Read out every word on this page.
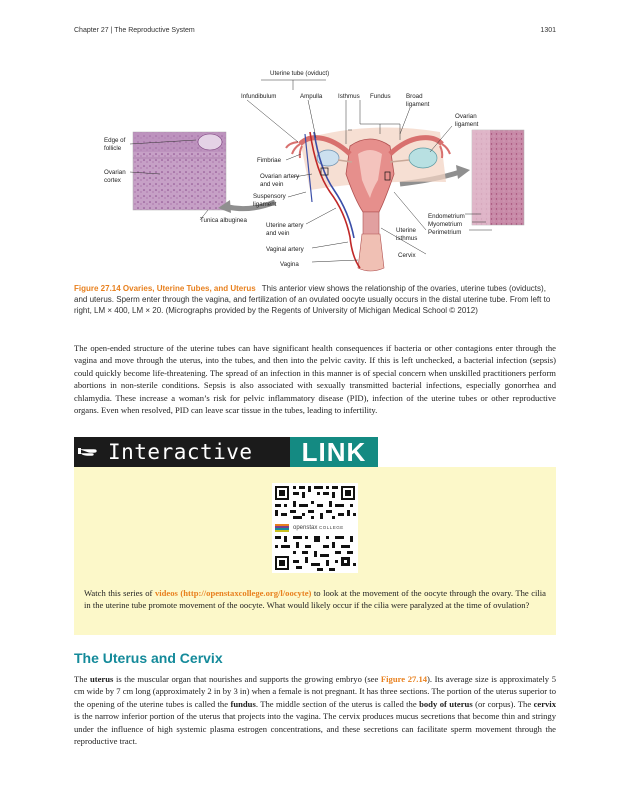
Chapter 27 | The Reproductive System	1301
Uterine tube (oviduct)
Infundibulum	Ampulla	Isthmus Fundus Broad
ligament
Ovarian
ligament
Edge of
follicle
Ovarian
cortex
Fimbriae
Ovarian artery
and vein
Suspensory
ligament
Tunica albuginea
Uterine artery
and vein
Vaginal artery
Vagina
Endometrium
Myometrium
Perimetrium
Uterine
isthmus
Cervix
Figure 27.14 Ovaries, Uterine Tubes, and Uterus This anterior view shows the relationship of the ovaries, uterine tubes (oviducts), and uterus. Sperm enter through the vagina, and fertilization of an ovulated oocyte usually occurs in the distal uterine tube. From left to right, LM × 400, LM × 20. (Micrographs provided by the Regents of University of Michigan Medical School © 2012)

The open-ended structure of the uterine tubes can have significant health consequences if bacteria or other contagions enter through the vagina and move through the uterus, into the tubes, and then into the pelvic cavity. If this is left unchecked, a bacterial infection (sepsis) could quickly become life-threatening. The spread of an infection in this manner is of special concern when unskilled practitioners perform abortions in non-sterile conditions. Sepsis is also associated with sexually transmitted bacterial infections, especially gonorrhea and chlamydia. These increase a woman’s risk for pelvic inflammatory disease (PID), infection of the uterine tubes or other reproductive organs. Even when resolved, PID can leave scar tissue in the tubes, leading to infertility.

Interactive	LINK
openstax COLLEGE

Watch this series of videos (http://openstaxcollege.org/l/oocyte) to look at the movement of the oocyte through the ovary. The cilia in the uterine tube promote movement of the oocyte. What would likely occur if the cilia were paralyzed at the time of ovulation?

The Uterus and Cervix

The uterus is the muscular organ that nourishes and supports the growing embryo (see Figure 27.14). Its average size is approximately 5 cm wide by 7 cm long (approximately 2 in by 3 in) when a female is not pregnant. It has three sections. The portion of the uterus superior to the opening of the uterine tubes is called the fundus. The middle section of the uterus is called the body of uterus (or corpus). The cervix is the narrow inferior portion of the uterus that projects into the vagina. The cervix produces mucus secretions that become thin and stringy under the influence of high systemic plasma estrogen concentrations, and these secretions can facilitate sperm movement through the reproductive tract.
